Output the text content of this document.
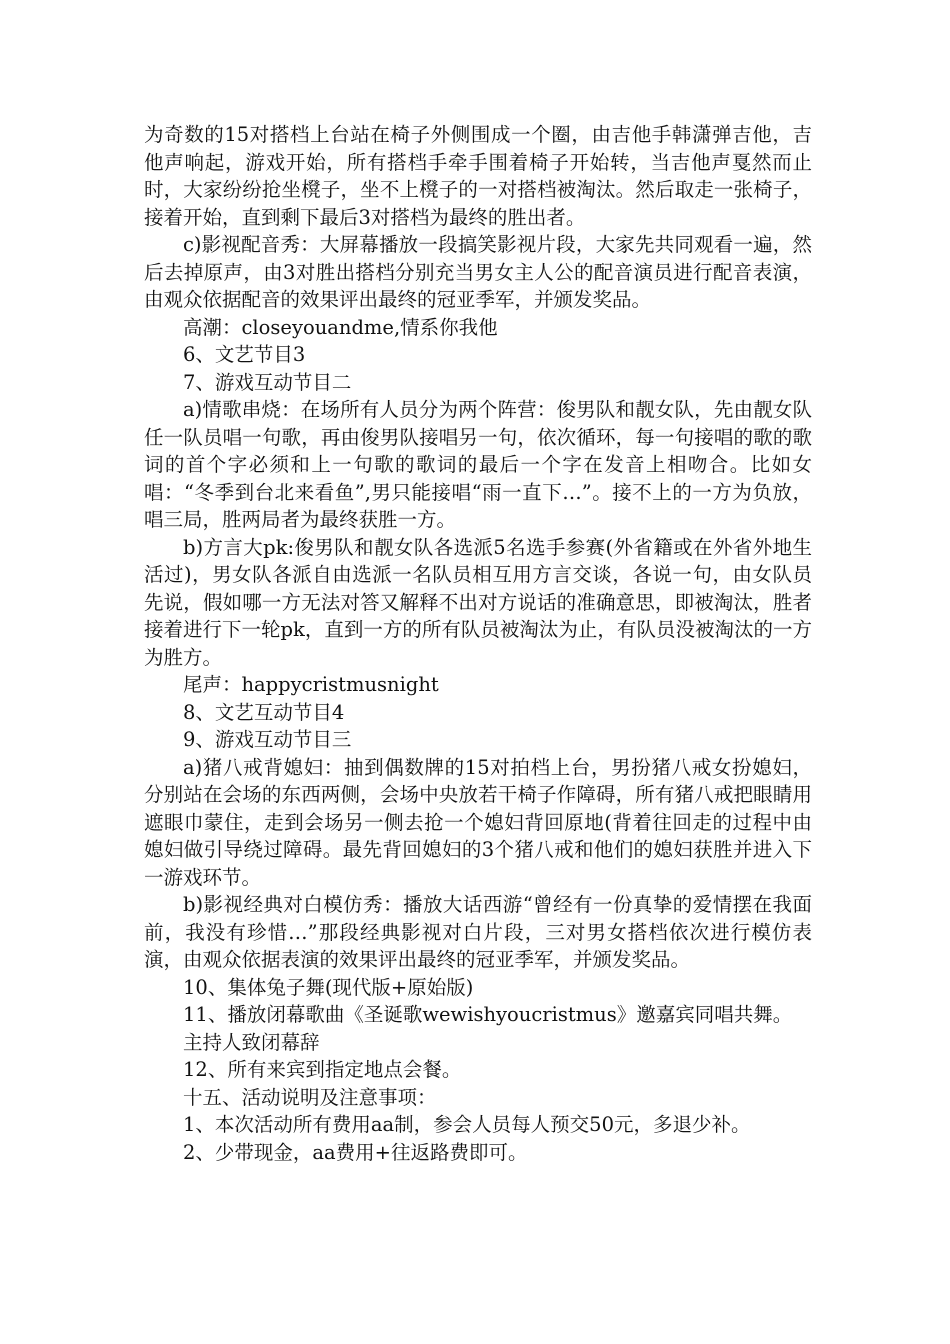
为奇数的15对搭档上台站在椅子外侧围成一个圈，由吉他手韩潇弹吉他，吉他声响起，游戏开始，所有搭档手牵手围着椅子开始转，当吉他声戛然而止时，大家纷纷抢坐櫈子，坐不上櫈子的一对搭档被淘汰。然后取走一张椅子，接着开始，直到剩下最后3对搭档为最终的胜出者。

c)影视配音秀：大屏幕播放一段搞笑影视片段，大家先共同观看一遍，然后去掉原声，由3对胜出搭档分别充当男女主人公的配音演员进行配音表演，由观众依据配音的效果评出最终的冠亚季军，并颁发奖品。

高潮：closeyouandme,情系你我他

6、文艺节目3

7、游戏互动节目二

a)情歌串烧：在场所有人员分为两个阵营：俊男队和靓女队，先由靓女队任一队员唱一句歌，再由俊男队接唱另一句，依次循环，每一句接唱的歌的歌词的首个字必须和上一句歌的歌词的最后一个字在发音上相吻合。比如女唱：“冬季到台北来看鱼”,男只能接唱“雨一直下…”。接不上的一方为负放，唱三局，胜两局者为最终获胜一方。

b)方言大pk:俊男队和靓女队各选派5名选手参赛(外省籍或在外省外地生活过)，男女队各派自由选派一名队员相互用方言交谈，各说一句，由女队员先说，假如哪一方无法对答又解释不出对方说话的准确意思，即被淘汰，胜者接着进行下一轮pk，直到一方的所有队员被淘汰为止，有队员没被淘汰的一方为胜方。

尾声：happycristmusnight

8、文艺互动节目4

9、游戏互动节目三

a)猪八戒背媳妇：抽到偶数牌的15对拍档上台，男扮猪八戒女扮媳妇，分别站在会场的东西两侧，会场中央放若干椅子作障碍，所有猪八戒把眼睛用遮眼巾蒙住，走到会场另一侧去抢一个媳妇背回原地(背着往回走的过程中由媳妇做引导绕过障碍。最先背回媳妇的3个猪八戒和他们的媳妇获胜并进入下一游戏环节。

b)影视经典对白模仿秀：播放大话西游“曾经有一份真挚的爱情摆在我面前，我没有珍惜…”那段经典影视对白片段，三对男女搭档依次进行模仿表演，由观众依据表演的效果评出最终的冠亚季军，并颁发奖品。

10、集体兔子舞(现代版+原始版)

11、播放闭幕歌曲《圣诞歌wewishyoucristmus》邀嘉宾同唱共舞。

主持人致闭幕辞

12、所有来宾到指定地点会餐。

十五、活动说明及注意事项：

1、本次活动所有费用aa制，参会人员每人预交50元，多退少补。

2、少带现金，aa费用+往返路费即可。
